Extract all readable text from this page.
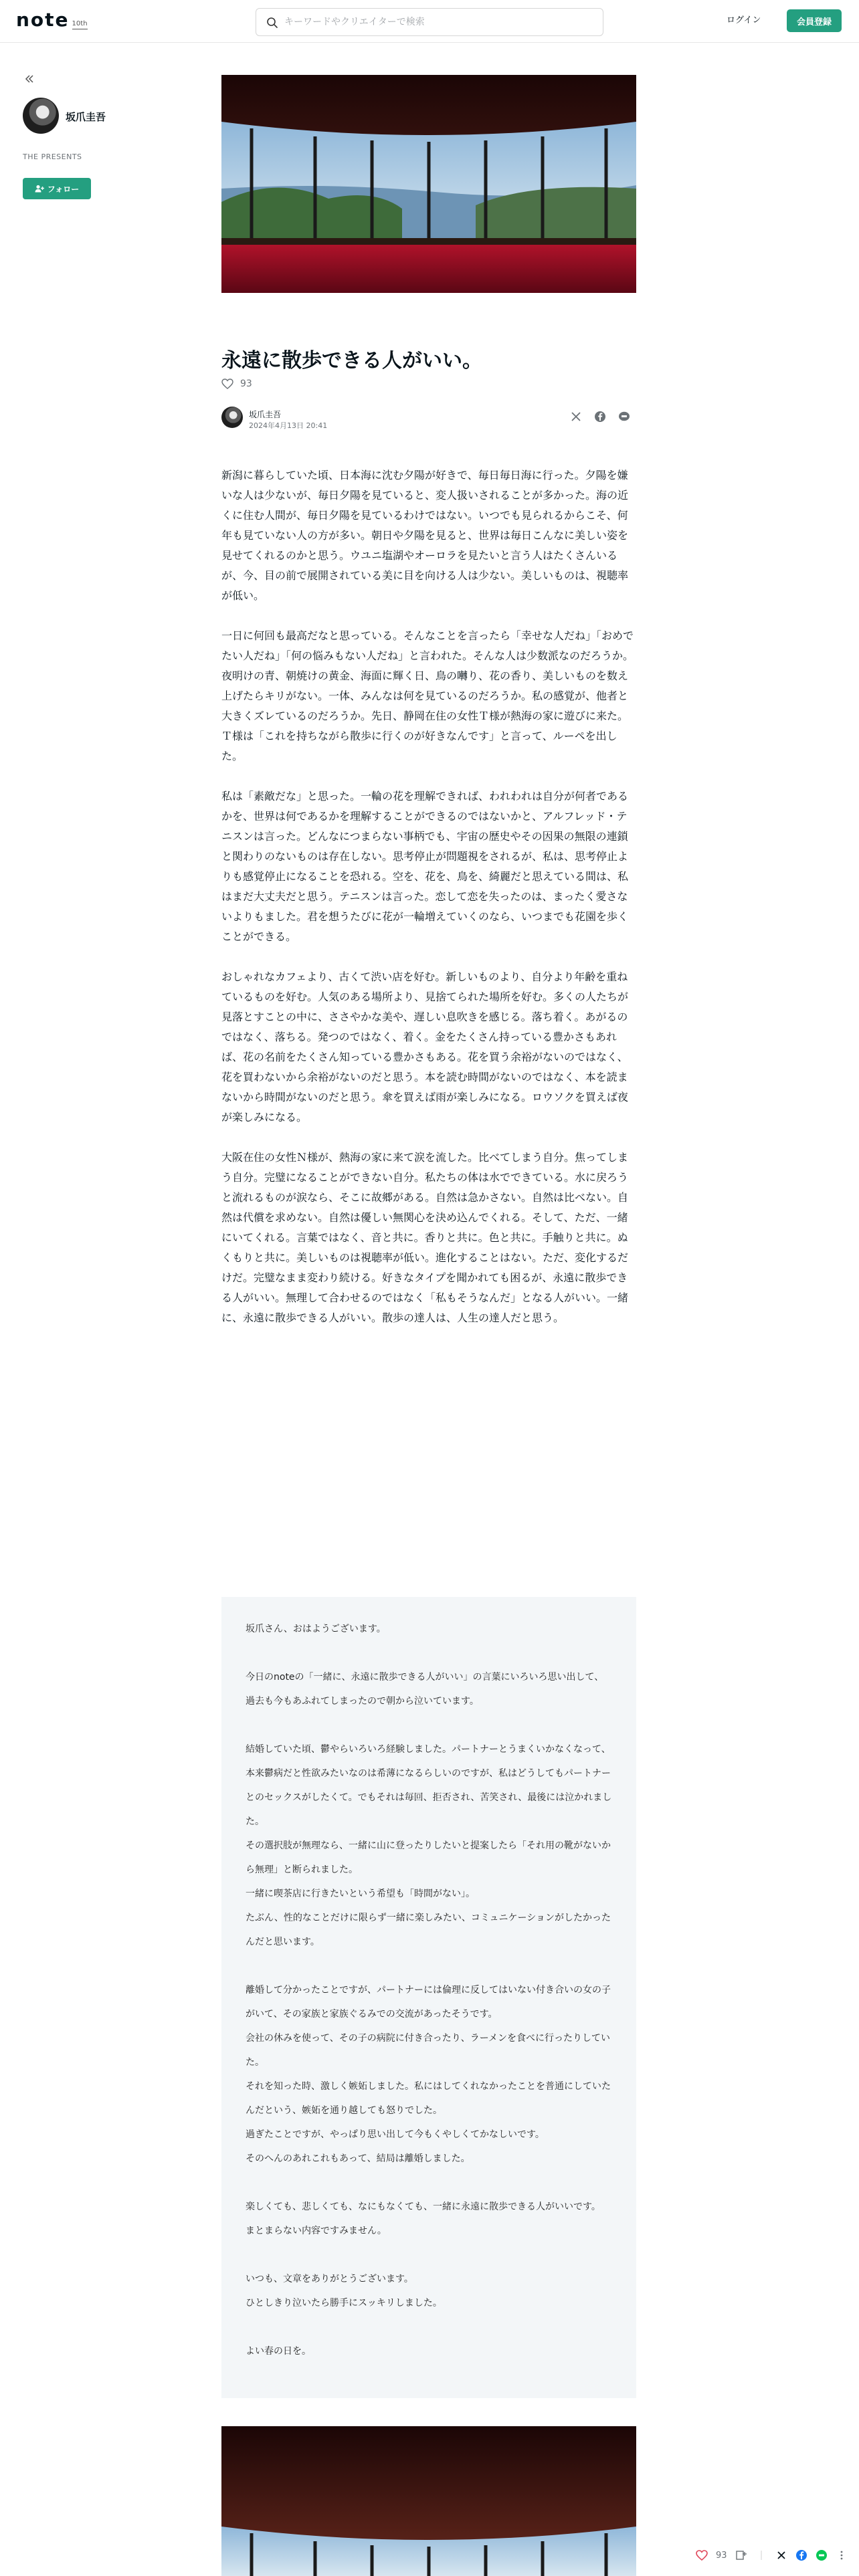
note 10th
キーワードやクリエイターで検索	ログイン	会員登録
坂爪圭吾
THE PRESENTS
フォロー
永遠に散歩できる人がいい。
93
坂爪圭吾
2024年4月13日 20:41

新潟に暮らしていた頃、日本海に沈む夕陽が好きで、毎日毎日海に行った。夕陽を嫌いな人は少ないが、毎日夕陽を見ていると、変人扱いされることが多かった。海の近くに住む人間が、毎日夕陽を見ているわけではない。いつでも見られるからこそ、何年も見ていない人の方が多い。朝日や夕陽を見ると、世界は毎日こんなに美しい姿を見せてくれるのかと思う。ウユニ塩湖やオーロラを見たいと言う人はたくさんいるが、今、目の前で展開されている美に目を向ける人は少ない。美しいものは、視聴率が低い。

一日に何回も最高だなと思っている。そんなことを言ったら「幸せな人だね」「おめでたい人だね」「何の悩みもない人だね」と言われた。そんな人は少数派なのだろうか。夜明けの青、朝焼けの黄金、海面に輝く日、鳥の囀り、花の香り、美しいものを数え上げたらキリがない。一体、みんなは何を見ているのだろうか。私の感覚が、他者と大きくズレているのだろうか。先日、静岡在住の女性Ｔ様が熱海の家に遊びに来た。Ｔ様は「これを持ちながら散歩に行くのが好きなんです」と言って、ルーペを出した。

私は「素敵だな」と思った。一輪の花を理解できれば、われわれは自分が何者であるかを、世界は何であるかを理解することができるのではないかと、アルフレッド・テニスンは言った。どんなにつまらない事柄でも、宇宙の歴史やその因果の無限の連鎖と関わりのないものは存在しない。思考停止が問題視をされるが、私は、思考停止よりも感覚停止になることを恐れる。空を、花を、鳥を、綺麗だと思えている間は、私はまだ大丈夫だと思う。テニスンは言った。恋して恋を失ったのは、まったく愛さないよりもました。君を想うたびに花が一輪増えていくのなら、いつまでも花園を歩くことができる。

おしゃれなカフェより、古くて渋い店を好む。新しいものより、自分より年齢を重ねているものを好む。人気のある場所より、見捨てられた場所を好む。多くの人たちが見落とすことの中に、ささやかな美や、遅しい息吹きを感じる。落ち着く。あがるのではなく、落ちる。発つのではなく、着く。金をたくさん持っている豊かさもあれば、花の名前をたくさん知っている豊かさもある。花を買う余裕がないのではなく、花を買わないから余裕がないのだと思う。本を読む時間がないのではなく、本を読まないから時間がないのだと思う。傘を買えば雨が楽しみになる。ロウソクを買えば夜が楽しみになる。

大阪在住の女性Ｎ様が、熱海の家に来て涙を流した。比べてしまう自分。焦ってしまう自分。完璧になることができない自分。私たちの体は水でできている。水に戻ろうと流れるものが涙なら、そこに故郷がある。自然は急かさない。自然は比べない。自然は代償を求めない。自然は優しい無関心を決め込んでくれる。そして、ただ、一緒にいてくれる。言葉ではなく、音と共に。香りと共に。色と共に。手触りと共に。ぬくもりと共に。美しいものは視聴率が低い。進化することはない。ただ、変化するだけだ。完璧なまま変わり続ける。好きなタイプを聞かれても困るが、永遠に散歩できる人がいい。無理して合わせるのではなく「私もそうなんだ」となる人がいい。一緒に、永遠に散歩できる人がいい。散歩の達人は、人生の達人だと思う。

坂爪さん、おはようございます。

今日のnoteの「一緒に、永遠に散歩できる人がいい」の言葉にいろいろ思い出して、過去も今もあふれてしまったので朝から泣いています。

結婚していた頃、鬱やらいろいろ経験しました。パートナーとうまくいかなくなって、本来鬱病だと性欲みたいなのは希薄になるらしいのですが、私はどうしてもパートナーとのセックスがしたくて。でもそれは毎回、拒否され、苦笑され、最後には泣かれました。

その選択肢が無理なら、一緒に山に登ったりしたいと提案したら「それ用の靴がないから無理」と断られました。

一緒に喫茶店に行きたいという希望も「時間がない」。

たぶん、性的なことだけに限らず一緒に楽しみたい、コミュニケーションがしたかったんだと思います。

離婚して分かったことですが、パートナーには倫理に反してはいない付き合いの女の子がいて、その家族と家族ぐるみでの交流があったそうです。

会社の休みを使って、その子の病院に付き合ったり、ラーメンを食べに行ったりしていた。

それを知った時、激しく嫉妬しました。私にはしてくれなかったことを普通にしていたんだという、嫉妬を通り越しても怒りでした。

過ぎたことですが、やっぱり思い出して今もくやしくてかなしいです。

そのへんのあれこれもあって、結局は離婚しました。

楽しくても、悲しくても、なにもなくても、一緒に永遠に散歩できる人がいいです。

まとまらない内容ですみません。

いつも、文章をありがとうございます。

ひとしきり泣いたら勝手にスッキリしました。

よい春の日を。

93
